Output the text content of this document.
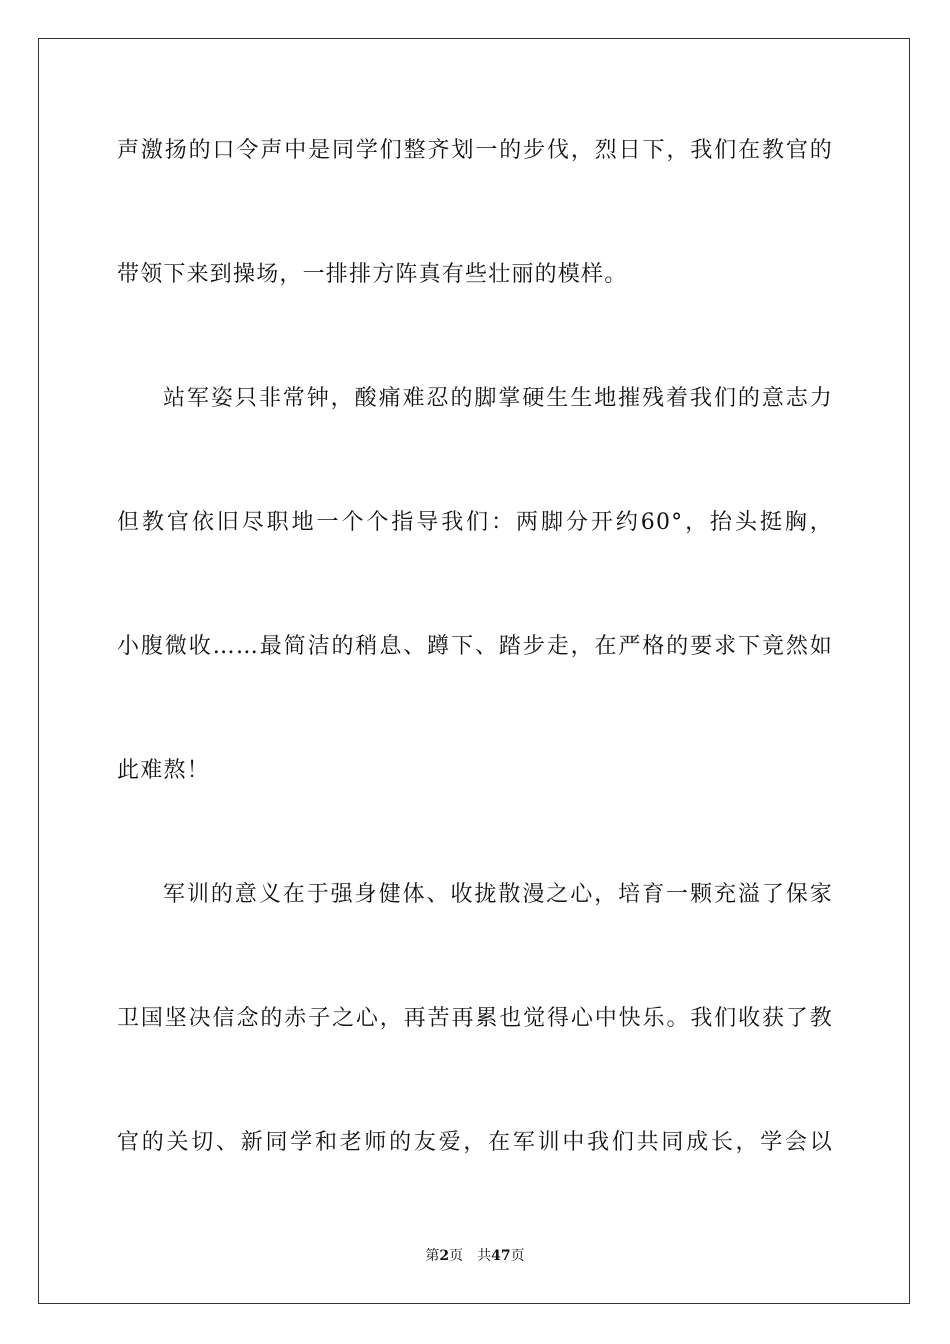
声激扬的口令声中是同学们整齐划一的步伐，烈日下，我们在教官的
带领下来到操场，一排排方阵真有些壮丽的模样。
站军姿只非常钟，酸痛难忍的脚掌硬生生地摧残着我们的意志力
但教官依旧尽职地一个个指导我们：两脚分开约60°，抬头挺胸，
小腹微收……最简洁的稍息、蹲下、踏步走，在严格的要求下竟然如
此难熬！
军训的意义在于强身健体、收拢散漫之心，培育一颗充溢了保家
卫国坚决信念的赤子之心，再苦再累也觉得心中快乐。我们收获了教
官的关切、新同学和老师的友爱，在军训中我们共同成长，学会以
第2页 共47页
